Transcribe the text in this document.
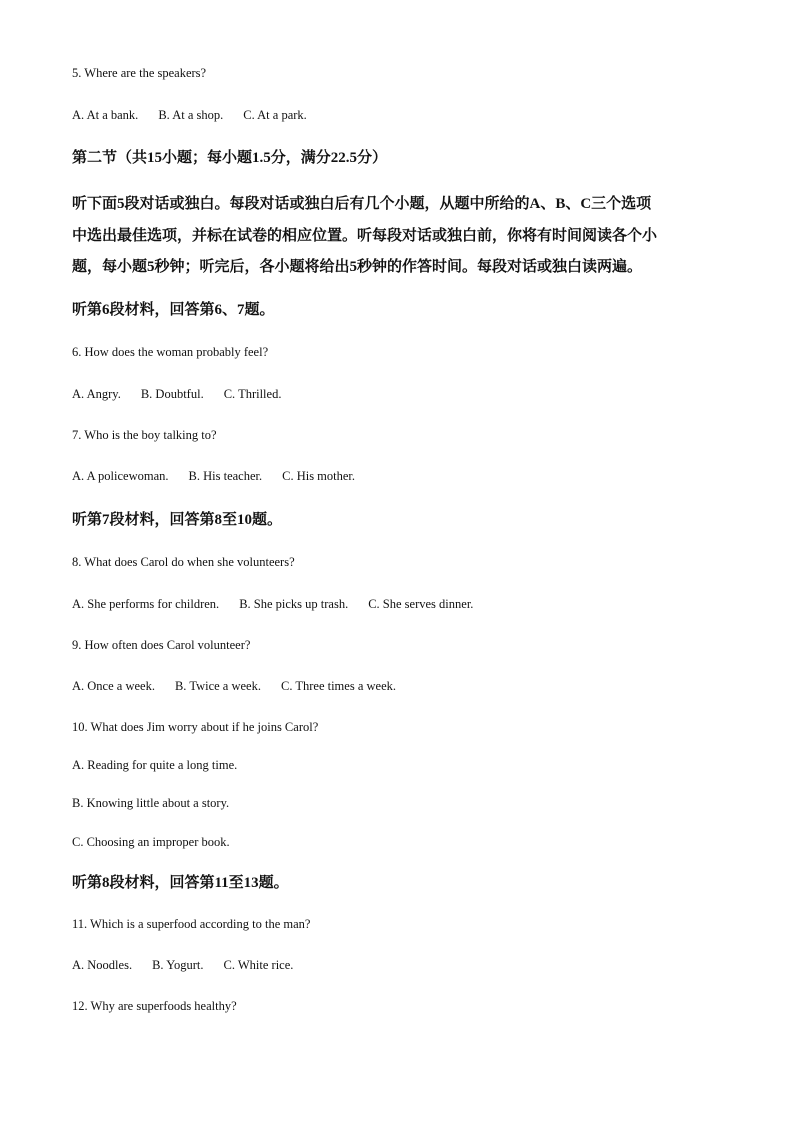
5. Where are the speakers?
A. At a bank. B. At a shop. C. At a park.
第二节（共15小题；每小题1.5分，满分22.5分）
听下面5段对话或独白。每段对话或独白后有几个小题，从题中所给的A、B、C三个选项
中选出最佳选项，并标在试卷的相应位置。听每段对话或独白前，你将有时间阅读各个小
题，每小题5秒钟；听完后，各小题将给出5秒钟的作答时间。每段对话或独白读两遍。
听第6段材料，回答第6、7题。
6. How does the woman probably feel?
A. Angry. B. Doubtful. C. Thrilled.
7. Who is the boy talking to?
A. A policewoman. B. His teacher. C. His mother.
听第7段材料，回答第8至10题。
8. What does Carol do when she volunteers?
A. She performs for children. B. She picks up trash. C. She serves dinner.
9. How often does Carol volunteer?
A. Once a week. B. Twice a week. C. Three times a week.
10. What does Jim worry about if he joins Carol?
A. Reading for quite a long time.
B. Knowing little about a story.
C. Choosing an improper book.
听第8段材料，回答第11至13题。
11. Which is a superfood according to the man?
A. Noodles. B. Yogurt. C. White rice.
12. Why are superfoods healthy?
